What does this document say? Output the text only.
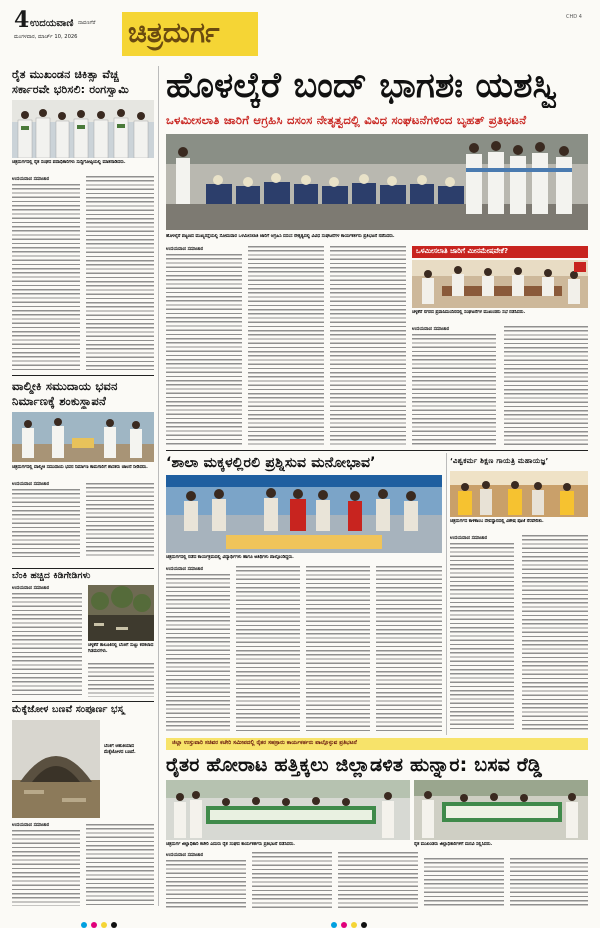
4 ಉದಯವಾಣಿ ದಾವಣಗೆರೆ
ಮಂಗಳವಾರ, ಮಾರ್ಚ್‌ 10, 2026 ಚಿತ್ರದುರ್ಗ	CHD 4
ರೈತ ಮುಖಂಡನ ಚಿಕಿತ್ಸಾ ವೆಚ್ಚ
ಸರ್ಕಾರವೇ ಭರಿಸಲಿ: ರಂಗಸ್ವಾಮಿ
ಚಿತ್ರದುರ್ಗದಲ್ಲಿ ರೈತ ಸಂಘದ ಪದಾಧಿಕಾರಿಗಳು ಸುದ್ದಿಗೋಷ್ಠಿಯಲ್ಲಿ ಮಾತನಾಡಿದರು.
ಉದಯವಾಣಿ ಸಮಾಚಾರ
ವಾಲ್ಮೀಕಿ ಸಮುದಾಯ ಭವನ
ನಿರ್ಮಾಣಕ್ಕೆ ಶಂಕುಸ್ಥಾಪನೆ
ಚಿತ್ರದುರ್ಗದಲ್ಲಿ ವಾಲ್ಮೀಕಿ ಸಮುದಾಯ ಭವನ ನಿರ್ಮಾಣ ಕಾಮಗಾರಿಗೆ ಶಾಸಕರು ಚಾಲನೆ ನೀಡಿದರು.
ಉದಯವಾಣಿ ಸಮಾಚಾರ
ಬೆಂಕಿ ಹಚ್ಚಿದ ಕಿಡಿಗೇಡಿಗಳು
ಉದಯವಾಣಿ ಸಮಾಚಾರ
ಚಳ್ಳಕೆರೆ ತಾಲೂಕಿನಲ್ಲಿ ಬೆಂಕಿಗೆ ಸುಟ್ಟು ಕರಕಲಾದ ಗಿಡಮರಗಳು.
ಮೆಕ್ಕೆಜೋಳ ಬಣವೆ ಸಂಪೂರ್ಣ ಭಸ್ಮ
ಬೆಂಕಿಗೆ ಆಹುತಿಯಾದ ಮೆಕ್ಕೆಜೋಳದ ಬಣವೆ.
ಉದಯವಾಣಿ ಸಮಾಚಾರ
ಹೊಳಲ್ಕೆರೆ ಬಂದ್‌ ಭಾಗಶಃ ಯಶಸ್ವಿ
ಒಳಮೀಸಲಾತಿ ಜಾರಿಗೆ ಆಗ್ರಹಿಸಿ ದಸಂಸ ನೇತೃತ್ವದಲ್ಲಿ ವಿವಿಧ ಸಂಘಟನೆಗಳಿಂದ ಬೃಹತ್‌ ಪ್ರತಿಭಟನೆ
ಹೊಳಲ್ಕೆರೆ ಪಟ್ಟಣದ ಮುಖ್ಯರಸ್ತೆಯಲ್ಲಿ ಸೋಮವಾರ ಒಳಮೀಸಲಾತಿ ಜಾರಿಗೆ ಆಗ್ರಹಿಸಿ ದಸಂಸ ನೇತೃತ್ವದಲ್ಲಿ ವಿವಿಧ ಸಂಘಟನೆಗಳ ಕಾರ್ಯಕರ್ತರು ಪ್ರತಿಭಟನೆ ನಡೆಸಿದರು.
ಉದಯವಾಣಿ ಸಮಾಚಾರ	ಒಳಮೀಸಲಾತಿ ಜಾರಿಗೆ ಮೀನಮೇಷವೇಕೆ?
ಚಳ್ಳಕೆರೆ ನಗರದ ಪ್ರವಾಸಿಮಂದಿರದಲ್ಲಿ ಸಂಘಟನೆಗಳ ಮುಖಂಡರು ಸಭೆ ನಡೆಸಿದರು.
ಉದಯವಾಣಿ ಸಮಾಚಾರ
‘ಶಾಲಾ ಮಕ್ಕಳಲ್ಲಿರಲಿ ಪ್ರಶ್ನಿಸುವ ಮನೋಭಾವ’
ಚಿತ್ರದುರ್ಗದಲ್ಲಿ ನಡೆದ ಕಾರ್ಯಕ್ರಮದಲ್ಲಿ ವಿದ್ಯಾರ್ಥಿಗಳು ಹಾಗೂ ಅತಿಥಿಗಳು ಪಾಲ್ಗೊಂಡಿದ್ದರು.
ಉದಯವಾಣಿ ಸಮಾಚಾರ
‘ವಿಶ್ವಕರ್ಮ ಶಿಕ್ಷಣ ಗಾಯತ್ರಿ ಮಹಾಯಜ್ಞ’
ಚಿತ್ರದುರ್ಗದ ಕಾಳಿಕಾಂಬ ದೇವಸ್ಥಾನದಲ್ಲಿ ವಿಶೇಷ ಪೂಜೆ ನೆರವೇರಿತು.
ಉದಯವಾಣಿ ಸಮಾಚಾರ
ಜಿಲ್ಲಾ ಉಸ್ತುವಾರಿ ಸಚಿವರ ಕಚೇರಿ ಸಮೀಪದಲ್ಲಿ ರೈತರ ಸಹಸ್ರಾರು ಕಾರ್ಯಕರ್ತರು ಪಾಲ್ಗೊಳ್ಳುವ ಪ್ರತಿಭಟನೆ
ರೈತರ ಹೋರಾಟ ಹತ್ತಿಕ್ಕಲು ಜಿಲ್ಲಾಡಳಿತ ಹುನ್ನಾರ: ಬಸವ ರೆಡ್ಡಿ
ಚಿತ್ರದುರ್ಗ ಜಿಲ್ಲಾಧಿಕಾರಿ ಕಚೇರಿ ಎದುರು ರೈತ ಸಂಘದ ಕಾರ್ಯಕರ್ತರು ಪ್ರತಿಭಟನೆ ನಡೆಸಿದರು.	ರೈತ ಮುಖಂಡರು ಜಿಲ್ಲಾಧಿಕಾರಿಗಳಿಗೆ ಮನವಿ ಸಲ್ಲಿಸಿದರು.
ಉದಯವಾಣಿ ಸಮಾಚಾರ
